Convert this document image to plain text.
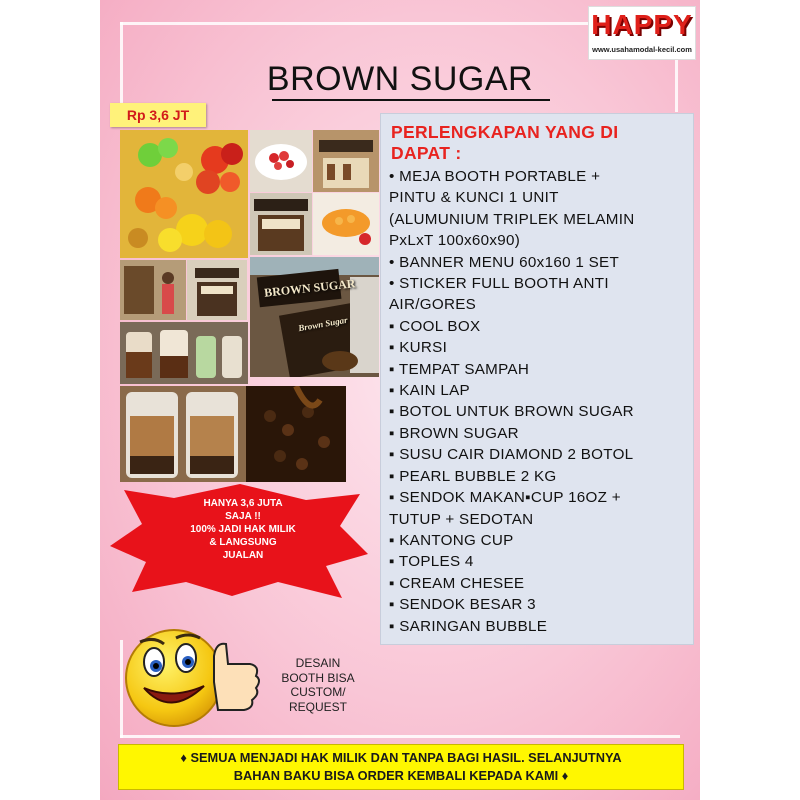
HAPPY
www.usahamodal-kecil.com
BROWN SUGAR
Rp 3,6 JT
BROWN SUGAR
Brown Sugar
PERLENGKAPAN YANG DI
DAPAT :
• MEJA BOOTH PORTABLE +
PINTU & KUNCI 1 UNIT
(ALUMUNIUM TRIPLEK MELAMIN
PxLxT 100x60x90)
• BANNER MENU 60x160 1 SET
• STICKER FULL BOOTH ANTI
AIR/GORES
▪ COOL BOX
▪ KURSI
▪ TEMPAT SAMPAH
▪ KAIN LAP
▪ BOTOL UNTUK BROWN SUGAR
▪ BROWN SUGAR
▪ SUSU CAIR DIAMOND 2 BOTOL
▪ PEARL BUBBLE 2 KG
▪ SENDOK MAKAN▪CUP 16OZ +
TUTUP + SEDOTAN
▪ KANTONG CUP
▪ TOPLES 4
▪ CREAM CHESEE
▪ SENDOK BESAR 3
▪ SARINGAN BUBBLE
HANYA 3,6 JUTA
SAJA !!
100% JADI HAK MILIK
& LANGSUNG
JUALAN
DESAIN
BOOTH BISA
CUSTOM/
REQUEST
♦ SEMUA MENJADI HAK MILIK DAN TANPA BAGI HASIL. SELANJUTNYA
BAHAN BAKU BISA ORDER KEMBALI KEPADA KAMI ♦
